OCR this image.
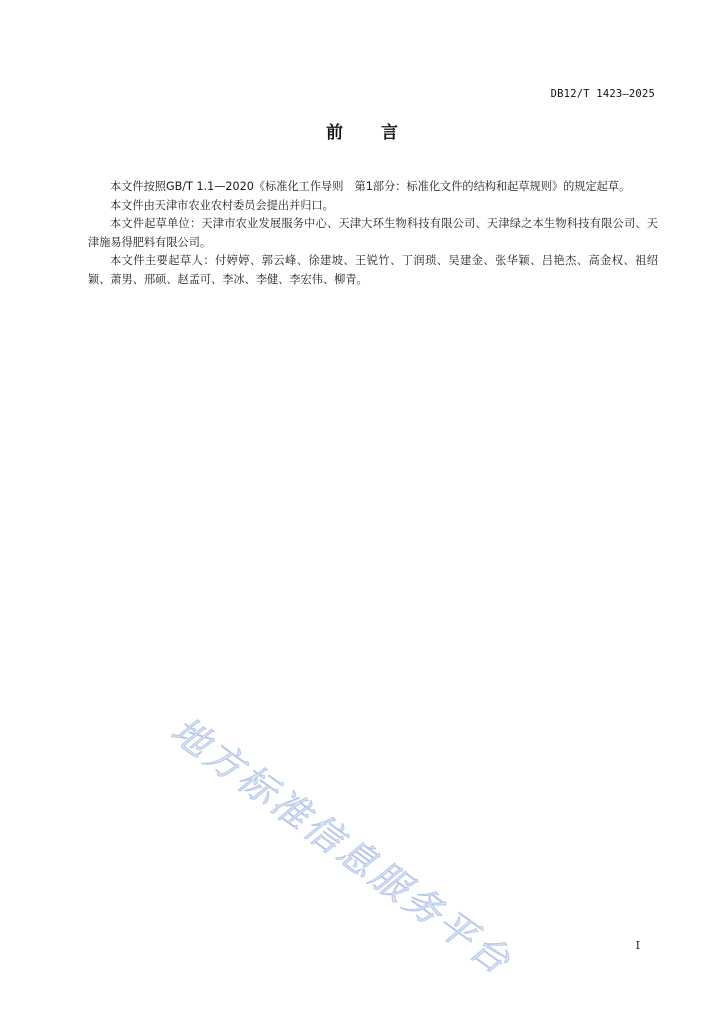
DB12/T 1423—2025
前言

本文件按照GB/T 1.1—2020《标准化工作导则　第1部分：标准化文件的结构和起草规则》的规定起草。

本文件由天津市农业农村委员会提出并归口。

本文件起草单位：天津市农业发展服务中心、天津大环生物科技有限公司、天津绿之本生物科技有限公司、天津施易得肥料有限公司。

本文件主要起草人：付婷婷、郭云峰、徐建坡、王锐竹、丁润琐、吴建金、张华颖、吕艳杰、高金权、祖绍颖、萧男、邢硕、赵孟可、李冰、李健、李宏伟、柳青。

地方标准信息服务平台	I
